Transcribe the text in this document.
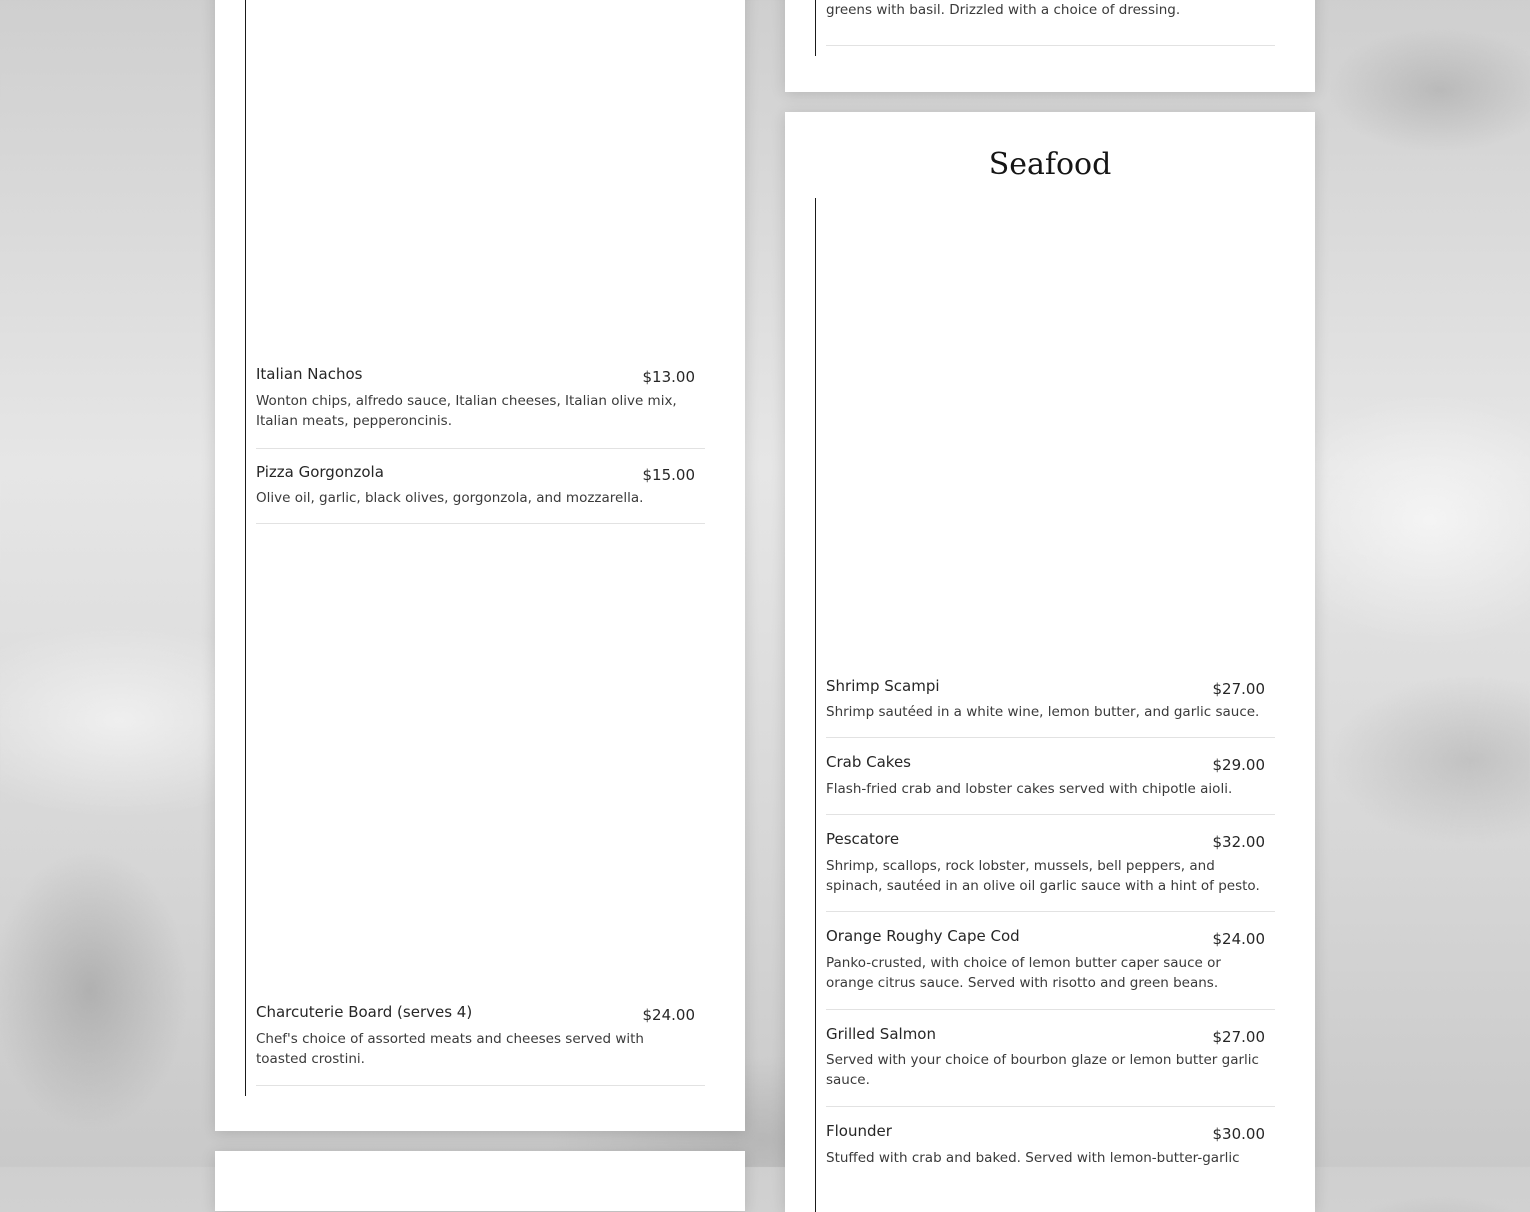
Italian Nachos	$13.00
Wonton chips, alfredo sauce, Italian cheeses, Italian olive mix, Italian meats, pepperoncinis.
Pizza Gorgonzola	$15.00
Olive oil, garlic, black olives, gorgonzola, and mozzarella.
Charcuterie Board (serves 4)	$24.00
Chef's choice of assorted meats and cheeses served with toasted crostini.
greens with basil. Drizzled with a choice of dressing.
Seafood
Shrimp Scampi	$27.00
Shrimp sautéed in a white wine, lemon butter, and garlic sauce.
Crab Cakes	$29.00
Flash-fried crab and lobster cakes served with chipotle aioli.
Pescatore	$32.00
Shrimp, scallops, rock lobster, mussels, bell peppers, and spinach, sautéed in an olive oil garlic sauce with a hint of pesto.
Orange Roughy Cape Cod	$24.00
Panko-crusted, with choice of lemon butter caper sauce or orange citrus sauce. Served with risotto and green beans.
Grilled Salmon	$27.00
Served with your choice of bourbon glaze or lemon butter garlic sauce.
Flounder	$30.00
Stuffed with crab and baked. Served with lemon-butter-garlic
